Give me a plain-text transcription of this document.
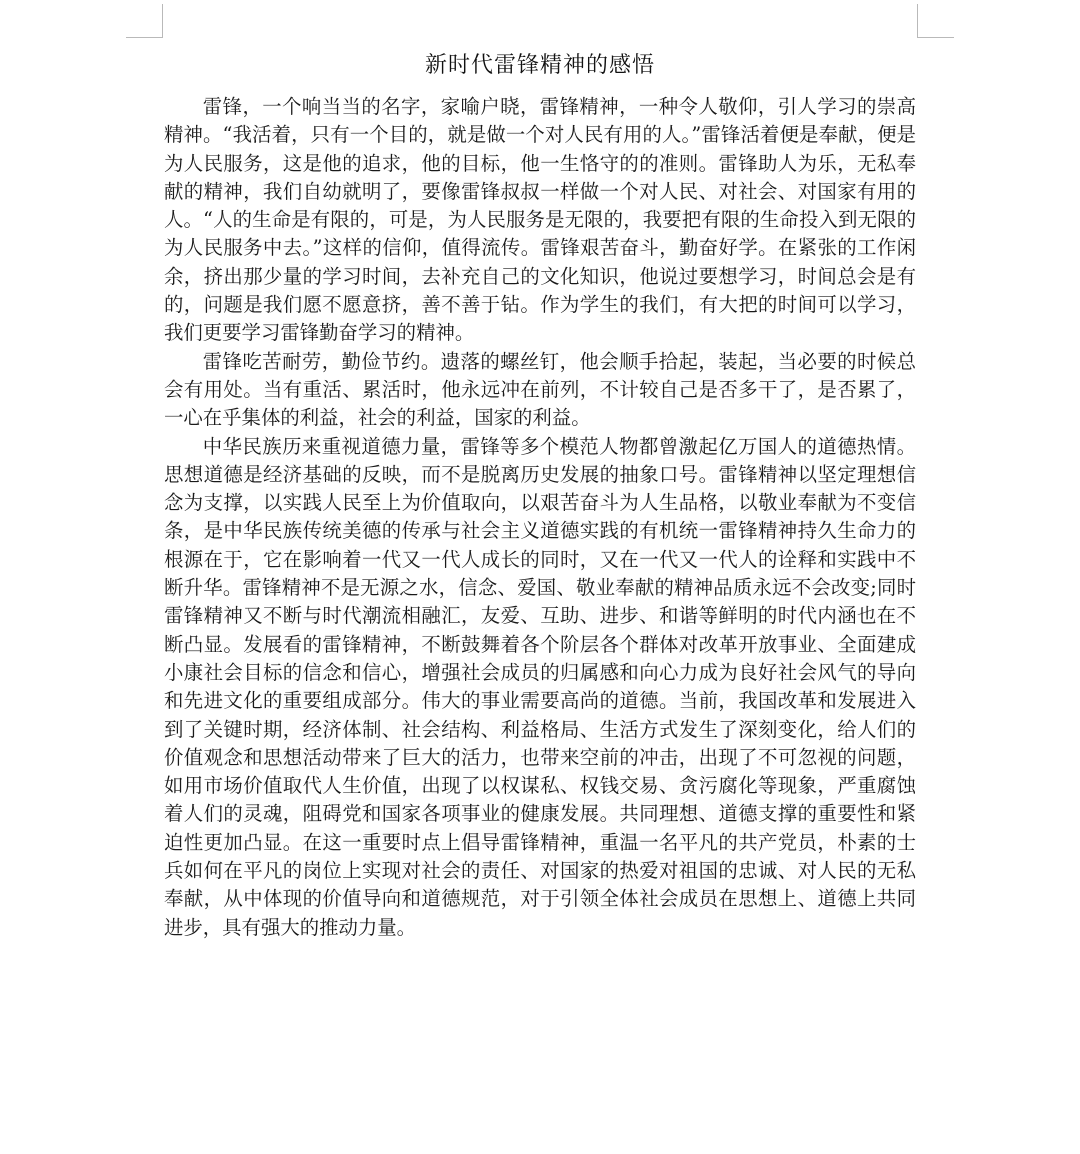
新时代雷锋精神的感悟

雷锋，一个响当当的名字，家喻户晓，雷锋精神，一种令人敬仰，引人学习的崇高精神。“我活着，只有一个目的，就是做一个对人民有用的人。”雷锋活着便是奉献，便是为人民服务，这是他的追求，他的目标，他一生恪守的的准则。雷锋助人为乐，无私奉献的精神，我们自幼就明了，要像雷锋叔叔一样做一个对人民、对社会、对国家有用的人。“人的生命是有限的，可是，为人民服务是无限的，我要把有限的生命投入到无限的为人民服务中去。”这样的信仰，值得流传。雷锋艰苦奋斗，勤奋好学。在紧张的工作闲余，挤出那少量的学习时间，去补充自己的文化知识，他说过要想学习，时间总会是有的，问题是我们愿不愿意挤，善不善于钻。作为学生的我们，有大把的时间可以学习，我们更要学习雷锋勤奋学习的精神。

雷锋吃苦耐劳，勤俭节约。遗落的螺丝钉，他会顺手拾起，装起，当必要的时候总会有用处。当有重活、累活时，他永远冲在前列，不计较自己是否多干了，是否累了，一心在乎集体的利益，社会的利益，国家的利益。

中华民族历来重视道德力量，雷锋等多个模范人物都曾激起亿万国人的道德热情。思想道德是经济基础的反映，而不是脱离历史发展的抽象口号。雷锋精神以坚定理想信念为支撑，以实践人民至上为价值取向，以艰苦奋斗为人生品格，以敬业奉献为不变信条，是中华民族传统美德的传承与社会主义道德实践的有机统一雷锋精神持久生命力的根源在于，它在影响着一代又一代人成长的同时，又在一代又一代人的诠释和实践中不断升华。雷锋精神不是无源之水，信念、爱国、敬业奉献的精神品质永远不会改变;同时雷锋精神又不断与时代潮流相融汇，友爱、互助、进步、和谐等鲜明的时代内涵也在不断凸显。发展看的雷锋精神，不断鼓舞着各个阶层各个群体对改革开放事业、全面建成小康社会目标的信念和信心，增强社会成员的归属感和向心力成为良好社会风气的导向和先进文化的重要组成部分。伟大的事业需要高尚的道德。当前，我国改革和发展进入到了关键时期，经济体制、社会结构、利益格局、生活方式发生了深刻变化，给人们的价值观念和思想活动带来了巨大的活力，也带来空前的冲击，出现了不可忽视的问题，如用市场价值取代人生价值，出现了以权谋私、权钱交易、贪污腐化等现象，严重腐蚀着人们的灵魂，阻碍党和国家各项事业的健康发展。共同理想、道德支撑的重要性和紧迫性更加凸显。在这一重要时点上倡导雷锋精神，重温一名平凡的共产党员，朴素的士兵如何在平凡的岗位上实现对社会的责任、对国家的热爱对祖国的忠诚、对人民的无私奉献，从中体现的价值导向和道德规范，对于引领全体社会成员在思想上、道德上共同进步，具有强大的推动力量。
